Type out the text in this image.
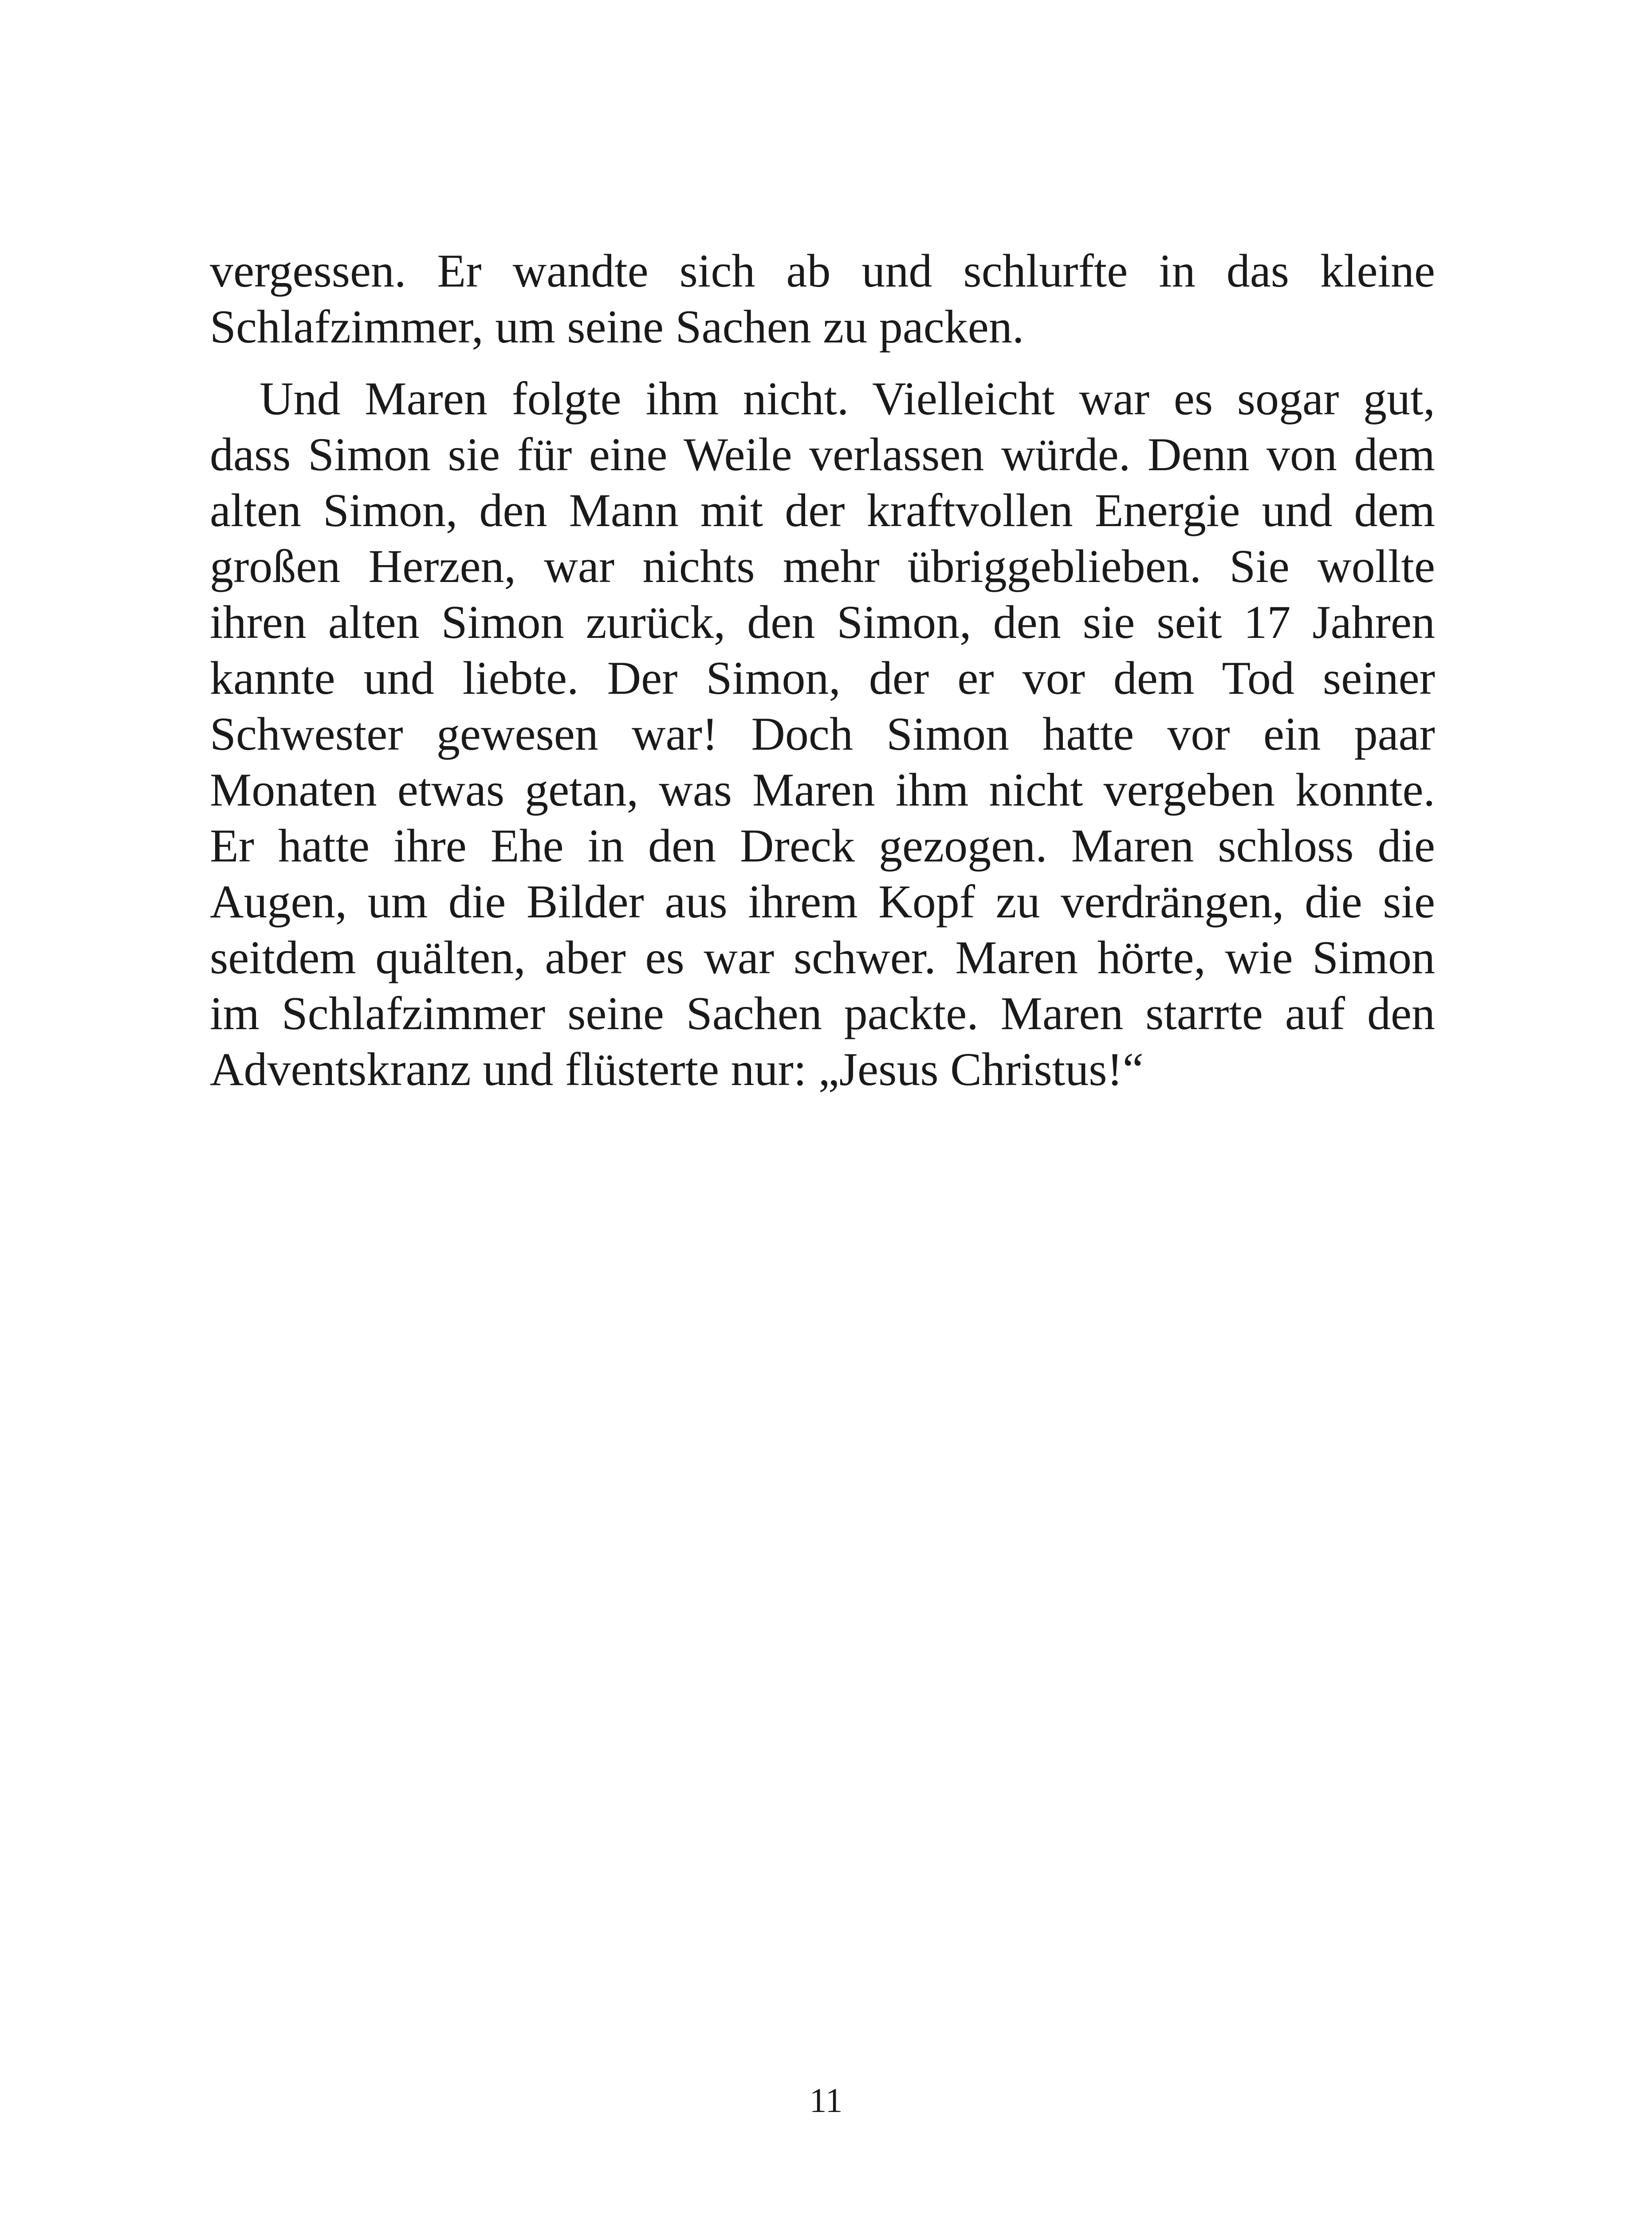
vergessen. Er wandte sich ab und schlurfte in das kleine
Schlafzimmer, um seine Sachen zu packen.
Und Maren folgte ihm nicht. Vielleicht war es sogar gut,
dass Simon sie für eine Weile verlassen würde. Denn von dem
alten Simon, den Mann mit der kraftvollen Energie und dem
großen Herzen, war nichts mehr übriggeblieben. Sie wollte
ihren alten Simon zurück, den Simon, den sie seit 17 Jahren
kannte und liebte. Der Simon, der er vor dem Tod seiner
Schwester gewesen war! Doch Simon hatte vor ein paar
Monaten etwas getan, was Maren ihm nicht vergeben konnte.
Er hatte ihre Ehe in den Dreck gezogen. Maren schloss die
Augen, um die Bilder aus ihrem Kopf zu verdrängen, die sie
seitdem quälten, aber es war schwer. Maren hörte, wie Simon
im Schlafzimmer seine Sachen packte. Maren starrte auf den
Adventskranz und flüsterte nur: „Jesus Christus!“
11
